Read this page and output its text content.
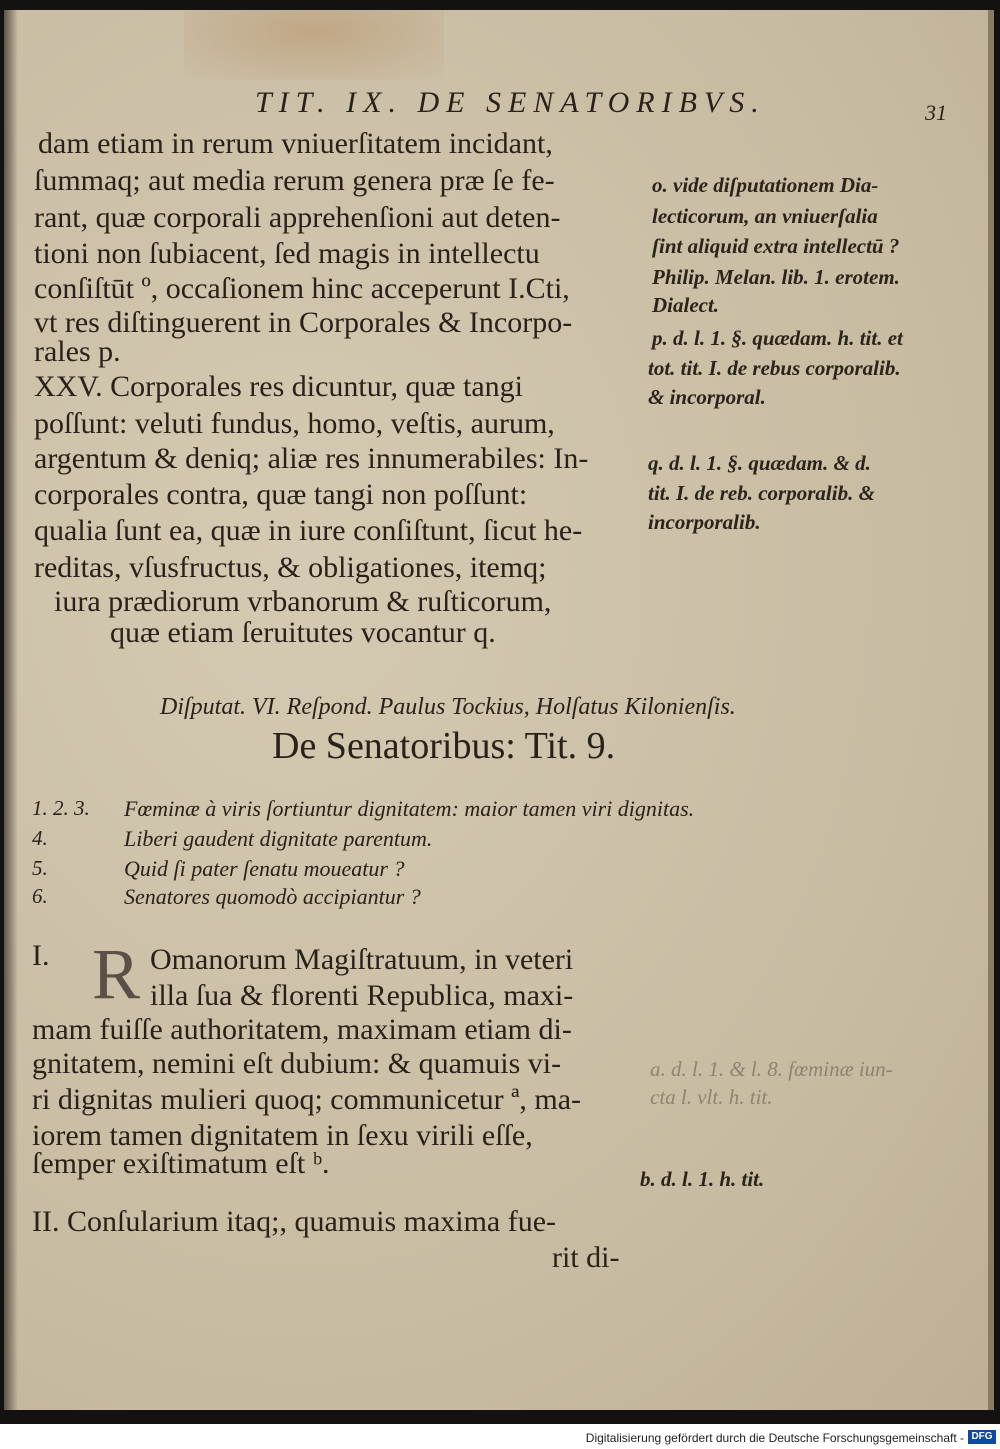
TIT. IX. DE SENATORIBVS.	31
dam etiam in rerum vniuerſitatem incidant,
ſummaq; aut media rerum genera præ ſe fe-
rant, quæ corporali apprehenſioni aut deten-
tioni non ſubiacent, ſed magis in intellectu
conſiſtūt º, occaſionem hinc acceperunt I.Cti,
vt res diſtinguerent in Corporales & Incorpo-
rales p.
XXV. Corporales res dicuntur, quæ tangi
poſſunt: veluti fundus, homo, veſtis, aurum,
argentum & deniq; aliæ res innumerabiles: In-
corporales contra, quæ tangi non poſſunt:
qualia ſunt ea, quæ in iure conſiſtunt, ſicut he-
reditas, vſusfructus, & obligationes, itemq;
iura prædiorum vrbanorum & ruſticorum,
quæ etiam ſeruitutes vocantur q.
o. vide diſputationem Dia-
lecticorum, an vniuerſalia
ſint aliquid extra intellectū ?
Philip. Melan. lib. 1. erotem.
Dialect.
p. d. l. 1. §. quædam. h. tit. et
tot. tit. I. de rebus corporalib.
& incorporal.
q. d. l. 1. §. quædam. & d.
tit. I. de reb. corporalib. &
incorporalib.
Diſputat. VI. Reſpond. Paulus Tockius, Holſatus Kilonienſis.
De Senatoribus: Tit. 9.
1. 2. 3. Fœminæ à viris ſortiuntur dignitatem: maior tamen viri dignitas.
4.	Liberi gaudent dignitate parentum.
5.	Quid ſi pater ſenatu moueatur ?
6.	Senatores quomodò accipiantur ?
I. R Omanorum Magiſtratuum, in veteri
illa ſua & florenti Republica, maxi-
mam fuiſſe authoritatem, maximam etiam di-
gnitatem, nemini eſt dubium: & quamuis vi-
ri dignitas mulieri quoq; communicetur ª, ma-
iorem tamen dignitatem in ſexu virili eſſe,
ſemper exiſtimatum eſt ᵇ.
II. Conſularium itaq;, quamuis maxima fue-
rit di-
a. d. l. 1. & l. 8. fœminæ iun-
cta l. vlt. h. tit.
b. d. l. 1. h. tit.
Digitalisierung gefördert durch die Deutsche Forschungsgemeinschaft - DFG
